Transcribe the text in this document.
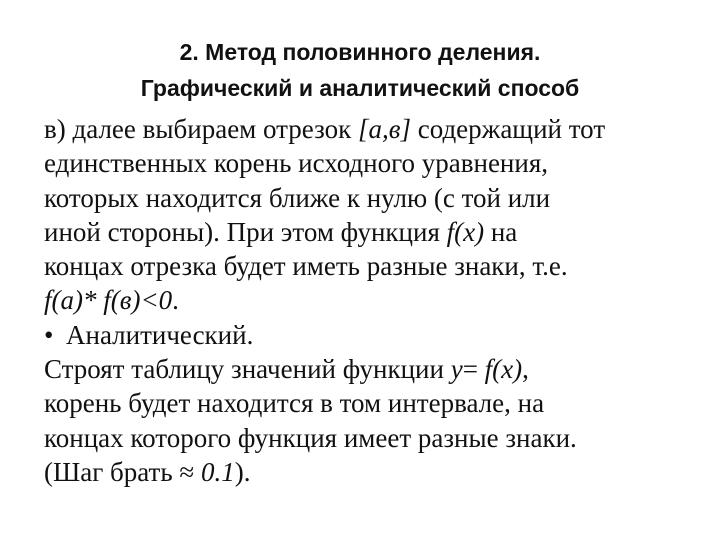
2. Метод половинного деления.
Графический и аналитический способ
в) далее выбираем отрезок [а,в] содержащий тот
единственных корень исходного уравнения,
которых находится ближе к нулю (с той или
иной стороны). При этом функция f(x) на
концах отрезка будет иметь разные знаки, т.е.
f(а)* f(в)<0.
• Аналитический.
Строят таблицу значений функции y= f(x),
корень будет находится в том интервале, на
концах которого функция имеет разные знаки.
(Шаг брать ≈ 0.1).
